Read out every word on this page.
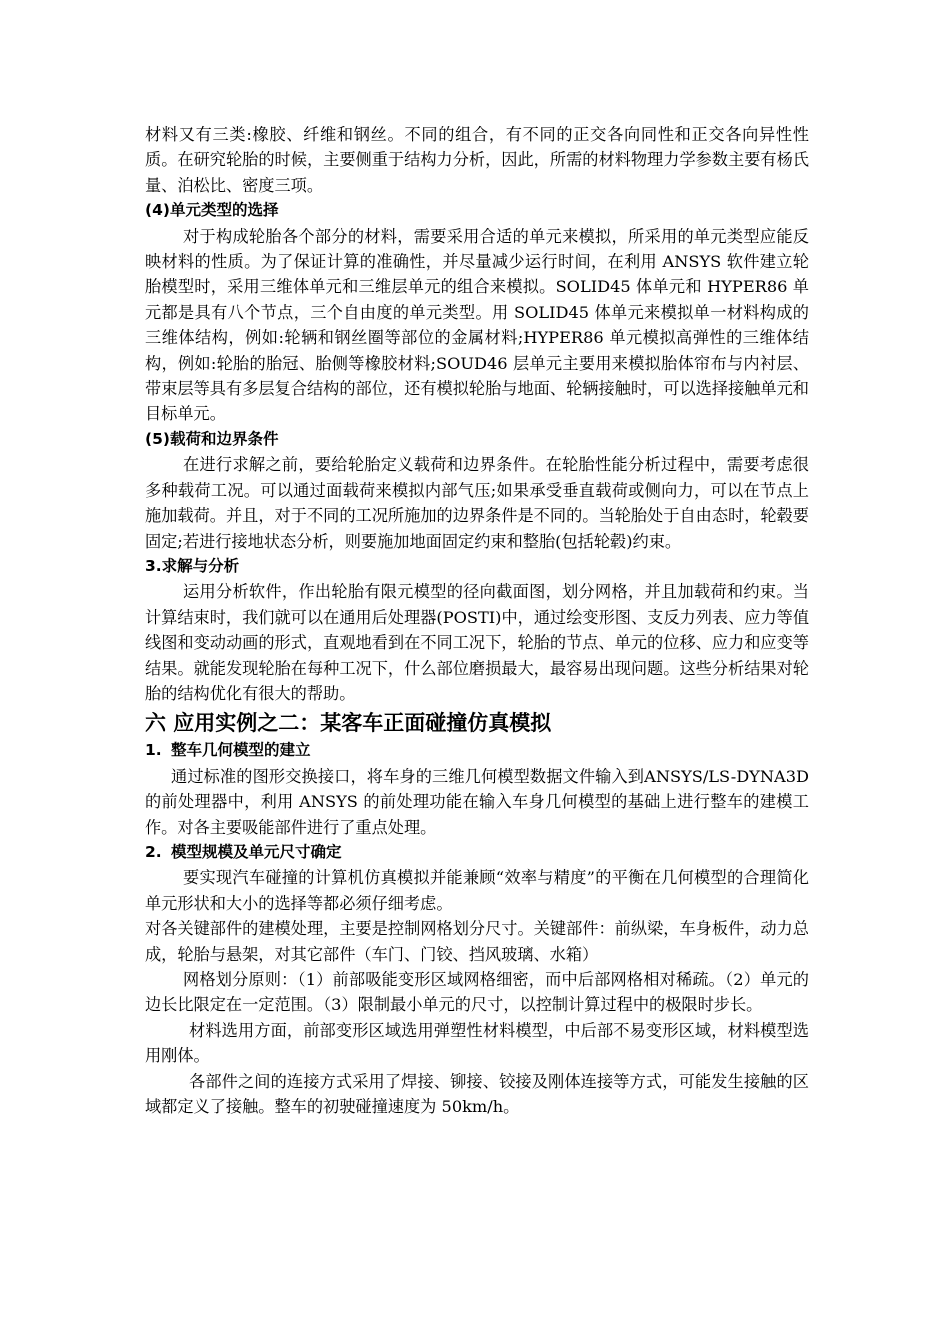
材料又有三类:橡胶、纤维和钢丝。不同的组合，有不同的正交各向同性和正交各向异性性质。在研究轮胎的时候，主要侧重于结构力分析，因此，所需的材料物理力学参数主要有杨氏量、泊松比、密度三项。

(4)单元类型的选择

对于构成轮胎各个部分的材料，需要采用合适的单元来模拟，所采用的单元类型应能反映材料的性质。为了保证计算的准确性，并尽量减少运行时间，在利用 ANSYS 软件建立轮胎模型时，采用三维体单元和三维层单元的组合来模拟。SOLID45 体单元和 HYPER86 单元都是具有八个节点，三个自由度的单元类型。用 SOLID45 体单元来模拟单一材料构成的三维体结构，例如:轮辆和钢丝圈等部位的金属材料;HYPER86 单元模拟高弹性的三维体结构，例如:轮胎的胎冠、胎侧等橡胶材料;SOUD46 层单元主要用来模拟胎体帘布与内衬层、带束层等具有多层复合结构的部位，还有模拟轮胎与地面、轮辆接触时，可以选择接触单元和目标单元。

(5)载荷和边界条件

在进行求解之前，要给轮胎定义载荷和边界条件。在轮胎性能分析过程中，需要考虑很多种载荷工况。可以通过面载荷来模拟内部气压;如果承受垂直载荷或侧向力，可以在节点上施加载荷。并且，对于不同的工况所施加的边界条件是不同的。当轮胎处于自由态时，轮毂要固定;若进行接地状态分析，则要施加地面固定约束和整胎(包括轮毂)约束。

3.求解与分析

运用分析软件，作出轮胎有限元模型的径向截面图，划分网格，并且加载荷和约束。当计算结束时，我们就可以在通用后处理器(POSTI)中，通过绘变形图、支反力列表、应力等值线图和变动动画的形式，直观地看到在不同工况下，轮胎的节点、单元的位移、应力和应变等结果。就能发现轮胎在每种工况下，什么部位磨损最大，最容易出现问题。这些分析结果对轮胎的结构优化有很大的帮助。

六 应用实例之二：某客车正面碰撞仿真模拟

1. 整车几何模型的建立

通过标准的图形交换接口，将车身的三维几何模型数据文件输入到ANSYS/LS-DYNA3D 的前处理器中，利用 ANSYS 的前处理功能在输入车身几何模型的基础上进行整车的建模工作。对各主要吸能部件进行了重点处理。

2. 模型规模及单元尺寸确定

要实现汽车碰撞的计算机仿真模拟并能兼顾“效率与精度”的平衡在几何模型的合理简化单元形状和大小的选择等都必须仔细考虑。

对各关键部件的建模处理，主要是控制网格划分尺寸。关键部件：前纵梁，车身板件，动力总成，轮胎与悬架，对其它部件（车门、门铰、挡风玻璃、水箱）

网格划分原则：（1）前部吸能变形区域网格细密，而中后部网格相对稀疏。（2）单元的边长比限定在一定范围。（3）限制最小单元的尺寸，以控制计算过程中的极限时步长。

材料选用方面，前部变形区域选用弹塑性材料模型，中后部不易变形区域，材料模型选用刚体。

各部件之间的连接方式采用了焊接、铆接、铰接及刚体连接等方式，可能发生接触的区域都定义了接触。整车的初驶碰撞速度为 50km/h。
